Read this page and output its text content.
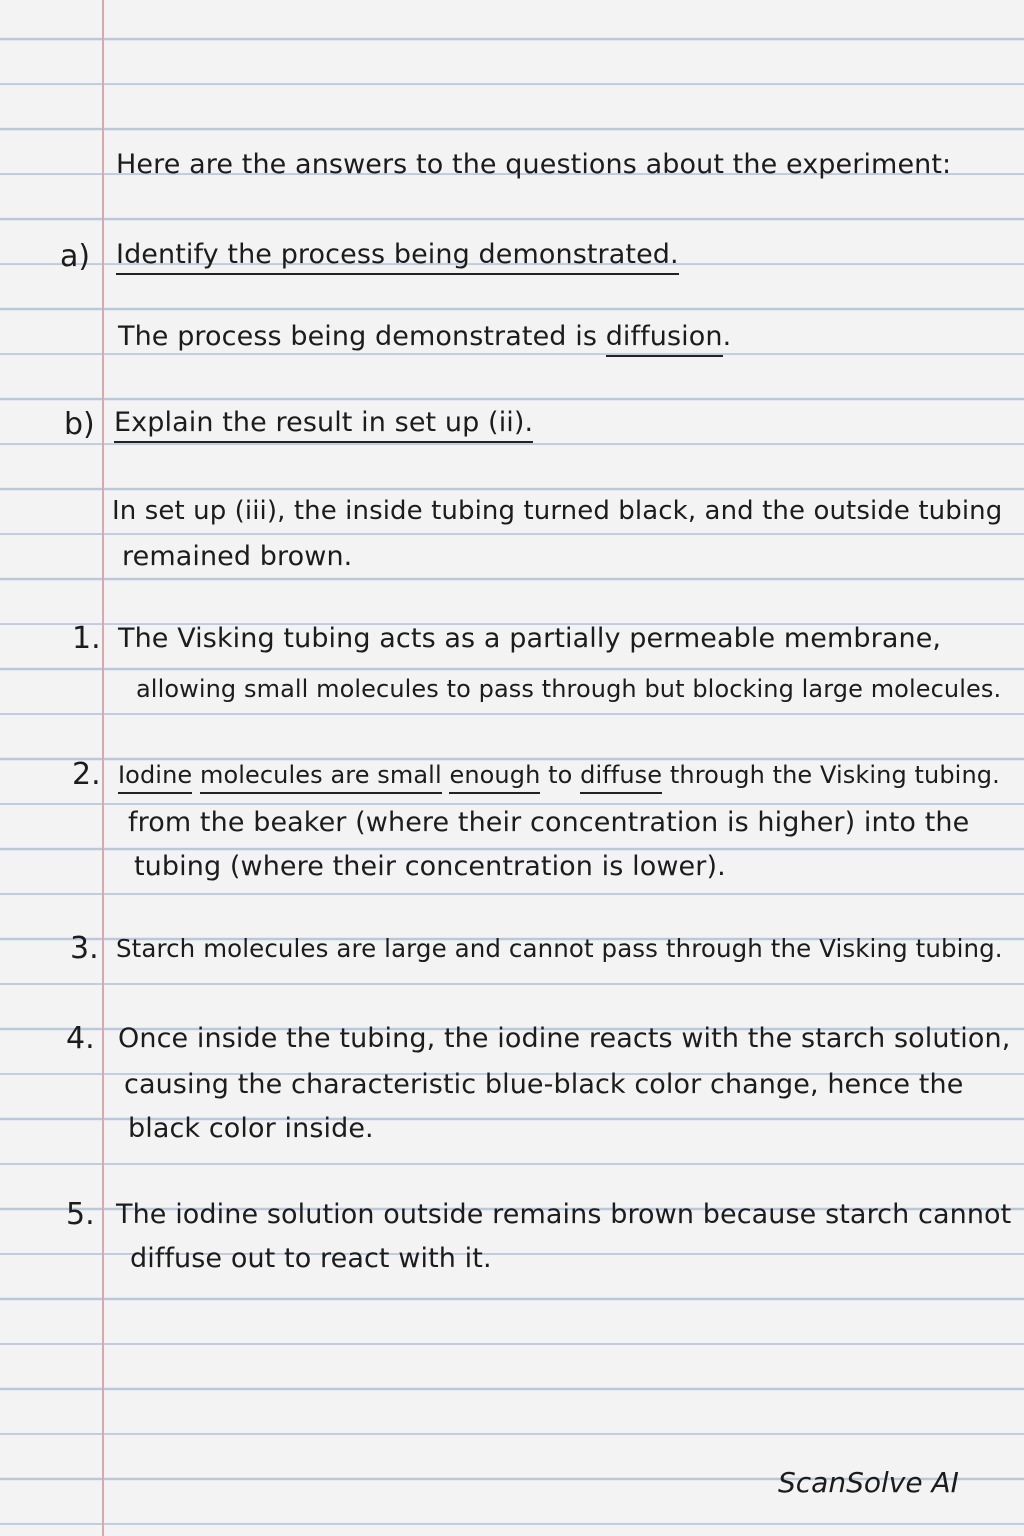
Here are the answers to the questions about the experiment:
a) Identify the process being demonstrated.
The process being demonstrated is diffusion.
b) Explain the result in set up (ii).
In set up (iii), the inside tubing turned black, and the outside tubing
remained brown.
1. The Visking tubing acts as a partially permeable membrane,
allowing small molecules to pass through but blocking large molecules.
2. Iodine molecules are small enough to diffuse through the Visking tubing.
from the beaker (where their concentration is higher) into the
tubing (where their concentration is lower).
3. Starch molecules are large and cannot pass through the Visking tubing.
4. Once inside the tubing, the iodine reacts with the starch solution,
causing the characteristic blue-black color change, hence the
black color inside.
5. The iodine solution outside remains brown because starch cannot
diffuse out to react with it.
ScanSolve AI
